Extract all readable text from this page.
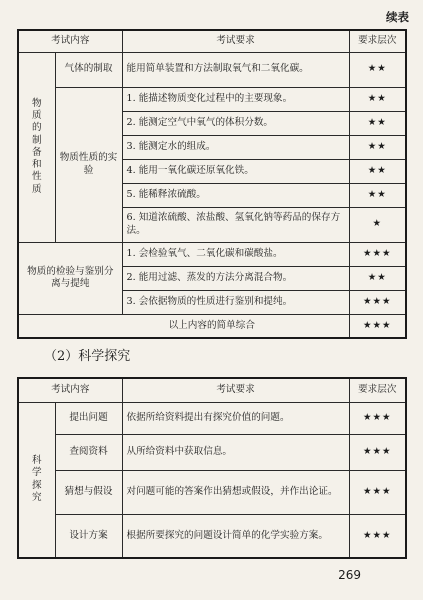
续表
考试内容		考试要求	要求层次
物质的制备和性质	气体的制取	能用简单装置和方法制取氧气和二氧化碳。	★★
	物质性质的实验	1. 能描述物质变化过程中的主要现象。	★★
		2. 能测定空气中氧气的体积分数。	★★
		3. 能测定水的组成。	★★
		4. 能用一氧化碳还原氧化铁。	★★
		5. 能稀释浓硫酸。	★★
		6. 知道浓硫酸、浓盐酸、氢氧化钠等药品的保存方法。	★
物质的检验与鉴别分离与提纯		1. 会检验氧气、二氧化碳和碳酸盐。	★★★
		2. 能用过滤、蒸发的方法分离混合物。	★★
		3. 会依据物质的性质进行鉴别和提纯。	★★★
以上内容的简单综合			★★★
（2）科学探究
考试内容		考试要求	要求层次
科学探究	提出问题	依据所给资料提出有探究价值的问题。	★★★
	查阅资料	从所给资料中获取信息。	★★★
	猜想与假设	对问题可能的答案作出猜想或假设，并作出论证。	★★★
	设计方案	根据所要探究的问题设计简单的化学实验方案。	★★★
269
